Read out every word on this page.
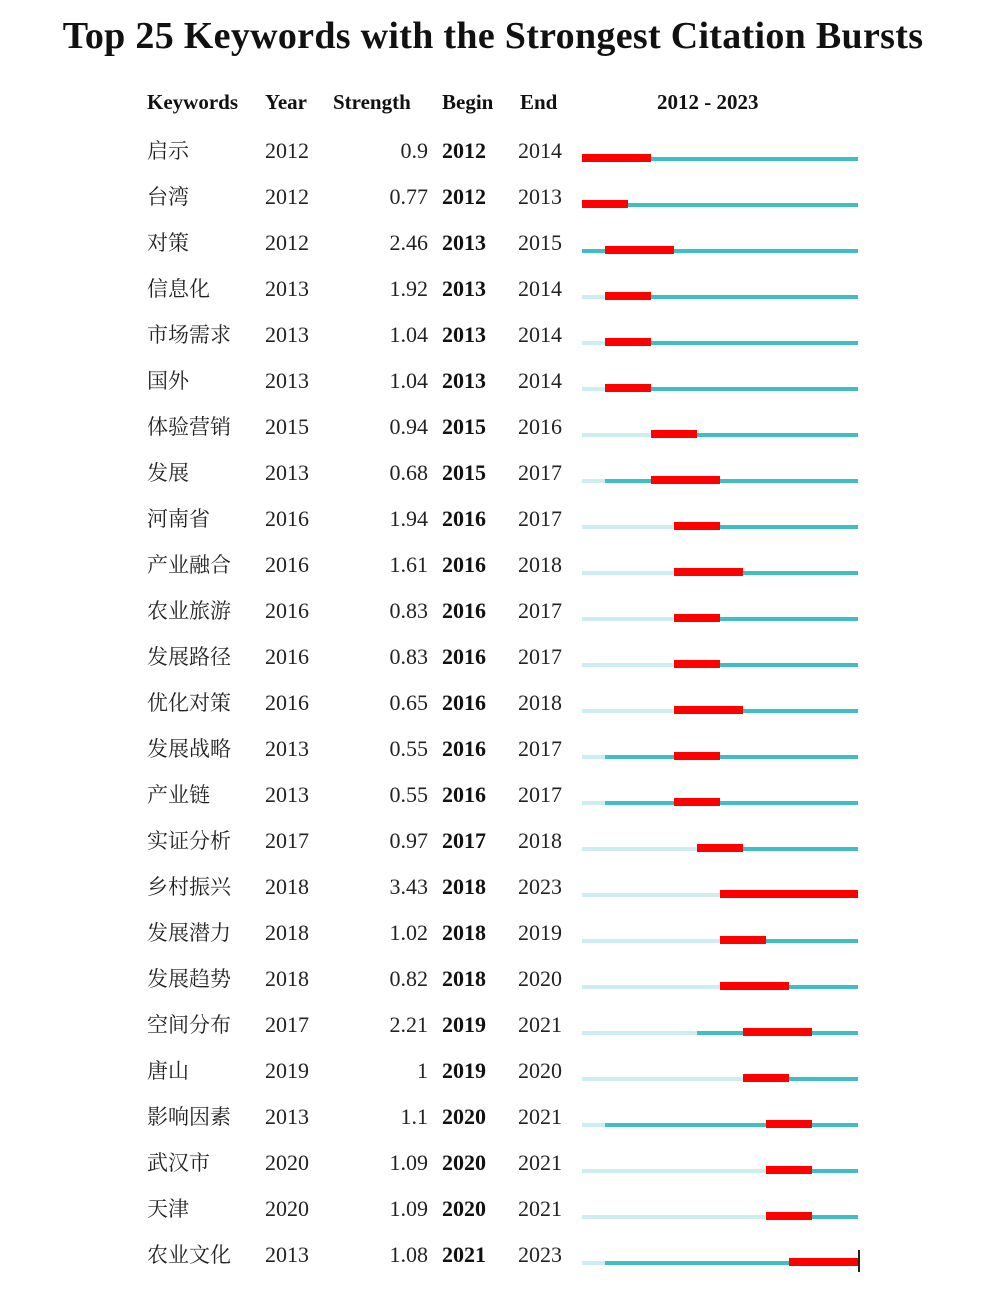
Top 25 Keywords with the Strongest Citation Bursts
Keywords Year Strength Begin End	2012 - 2023
启示	2012	0.9 2012 2014
台湾	2012	0.77 2012 2013
对策	2012	2.46 2013 2015
信息化	2013	1.92 2013 2014
市场需求 2013	1.04 2013 2014
国外	2013	1.04 2013 2014
体验营销 2015	0.94 2015 2016
发展	2013	0.68 2015 2017
河南省	2016	1.94 2016 2017
产业融合 2016	1.61 2016 2018
农业旅游 2016	0.83 2016 2017
发展路径 2016	0.83 2016 2017
优化对策 2016	0.65 2016 2018
发展战略 2013	0.55 2016 2017
产业链	2013	0.55 2016 2017
实证分析 2017	0.97 2017 2018
乡村振兴 2018	3.43 2018 2023
发展潜力 2018	1.02 2018 2019
发展趋势 2018	0.82 2018 2020
空间分布 2017	2.21 2019 2021
唐山	2019	1 2019 2020
影响因素 2013	1.1 2020 2021
武汉市	2020	1.09 2020 2021
天津	2020	1.09 2020 2021
农业文化 2013	1.08 2021 2023
